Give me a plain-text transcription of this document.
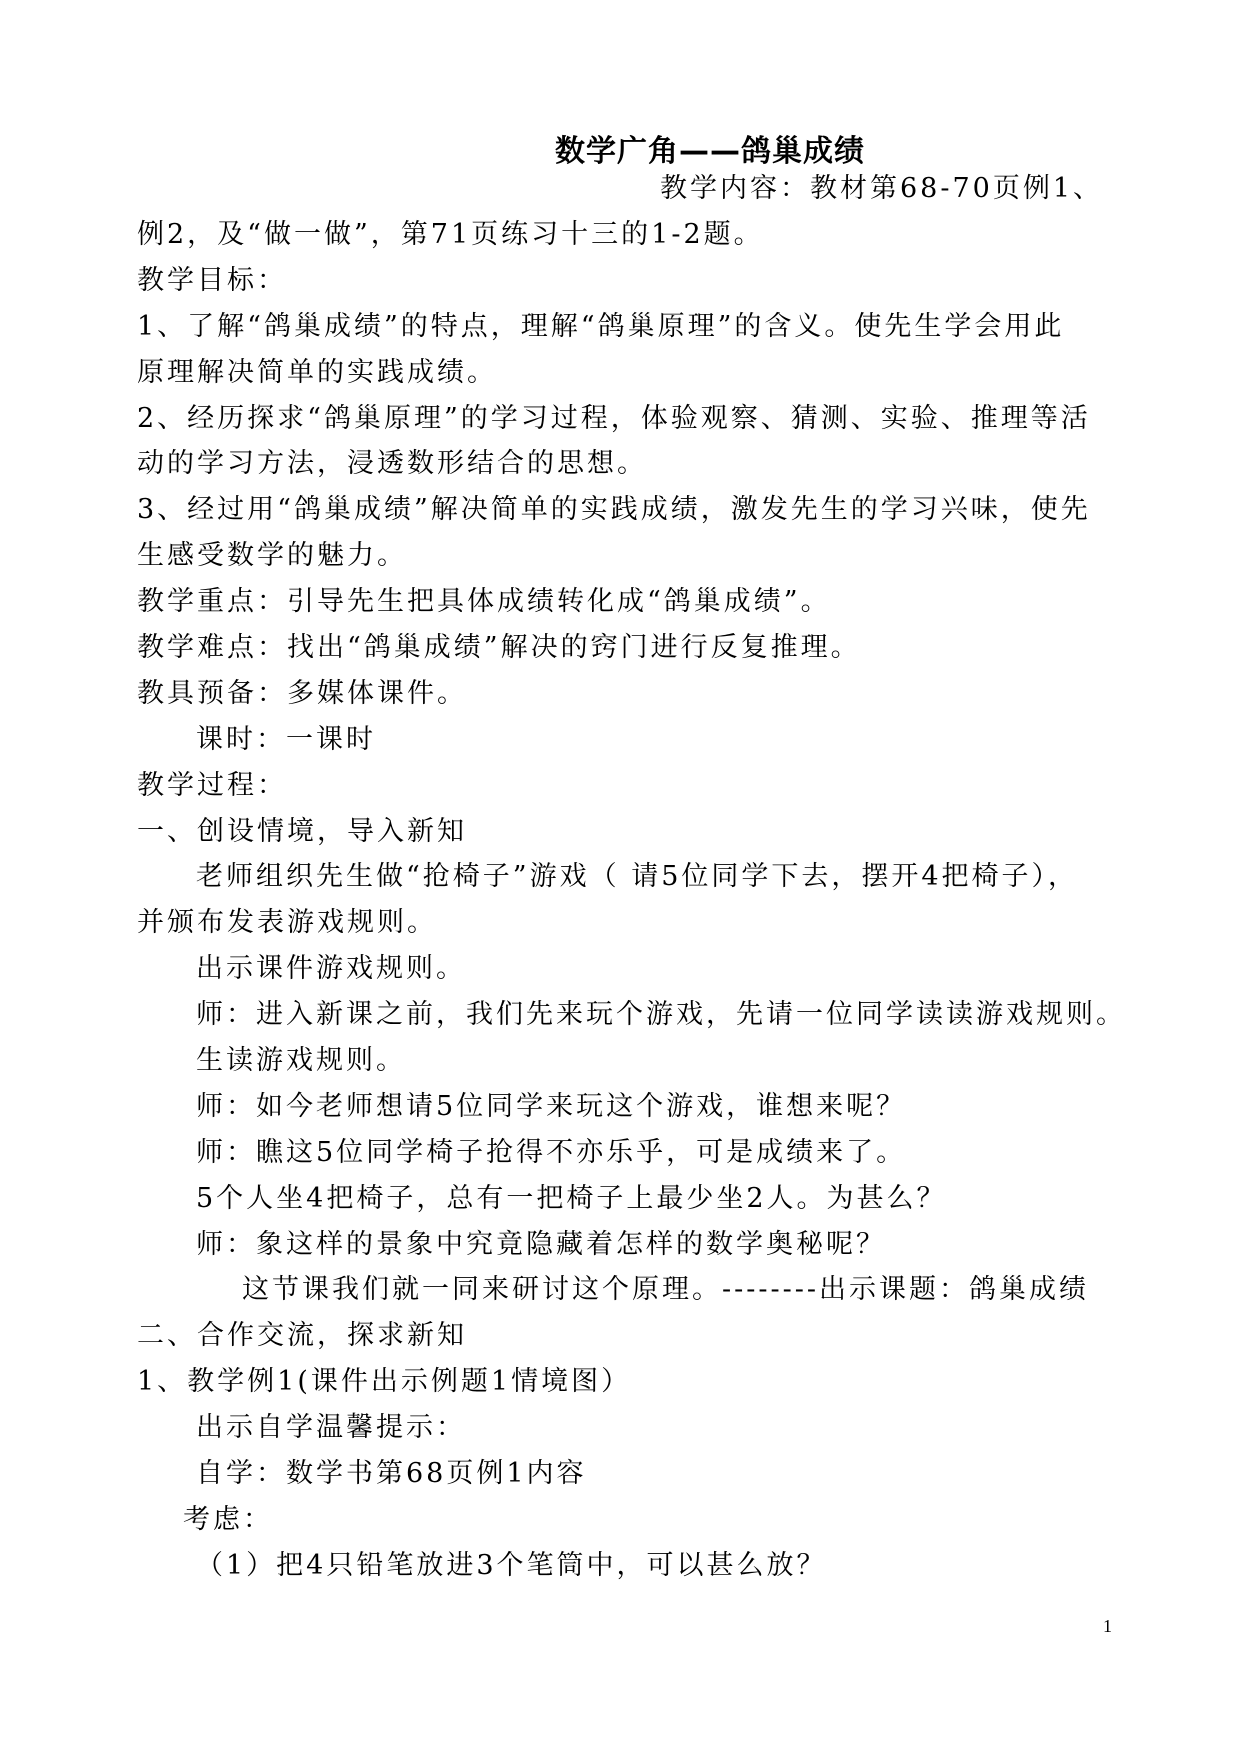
数学广角——鸽巢成绩
教学内容：教材第68-70页例1、
例2，及“做一做”，第71页练习十三的1-2题。
教学目标：
1、了解“鸽巢成绩”的特点，理解“鸽巢原理”的含义。使先生学会用此
原理解决简单的实践成绩。
2、经历探求“鸽巢原理”的学习过程，体验观察、猜测、实验、推理等活
动的学习方法，浸透数形结合的思想。
3、经过用“鸽巢成绩”解决简单的实践成绩，激发先生的学习兴味，使先
生感受数学的魅力。
教学重点：引导先生把具体成绩转化成“鸽巢成绩”。
教学难点：找出“鸽巢成绩”解决的窍门进行反复推理。
教具预备：多媒体课件。
课时：一课时
教学过程：
一、创设情境，导入新知
老师组织先生做“抢椅子”游戏（ 请5位同学下去，摆开4把椅子），
并颁布发表游戏规则。
出示课件游戏规则。
师：进入新课之前，我们先来玩个游戏，先请一位同学读读游戏规则。
生读游戏规则。
师：如今老师想请5位同学来玩这个游戏，谁想来呢？
师：瞧这5位同学椅子抢得不亦乐乎，可是成绩来了。
5个人坐4把椅子，总有一把椅子上最少坐2人。为甚么？
师：象这样的景象中究竟隐藏着怎样的数学奥秘呢？
这节课我们就一同来研讨这个原理。--------出示课题：鸽巢成绩
二、合作交流，探求新知
1、教学例1(课件出示例题1情境图）
出示自学温馨提示：
自学：数学书第68页例1内容
考虑：
（1）把4只铅笔放进3个笔筒中，可以甚么放？
1
